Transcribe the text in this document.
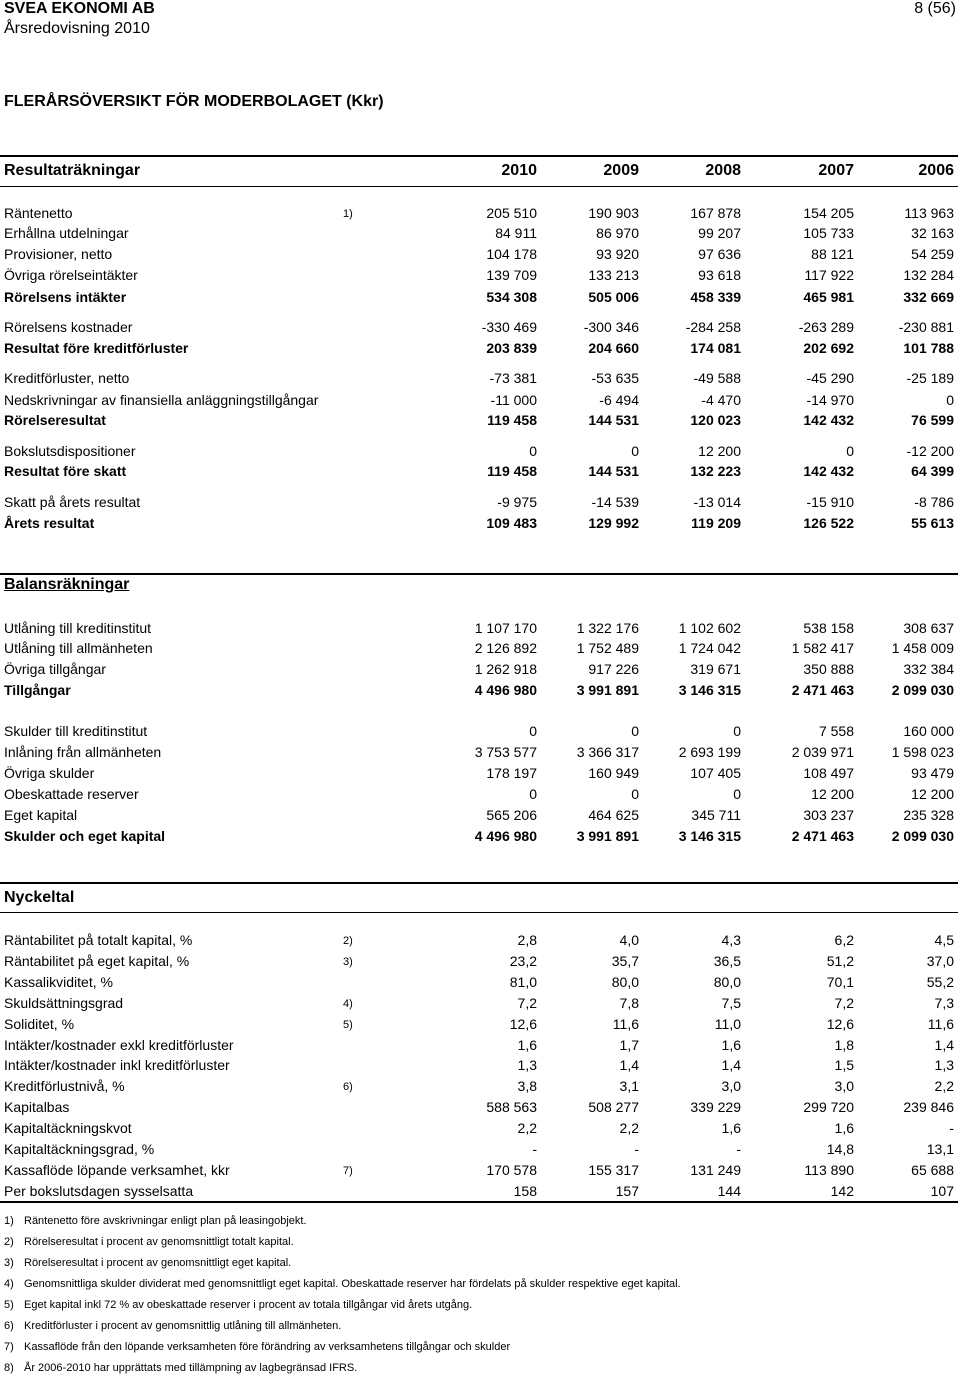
SVEA EKONOMI AB
Årsredovisning 2010
8 (56)
FLERÅRSÖVERSIKT FÖR MODERBOLAGET (Kkr)
Resultaträkningar	2010	2009	2008	2007	2006
Räntenetto	1)	205 510	190 903	167 878	154 205	113 963
Erhållna utdelningar	84 911	86 970	99 207	105 733	32 163
Provisioner, netto	104 178	93 920	97 636	88 121	54 259
Övriga rörelseintäkter	139 709	133 213	93 618	117 922	132 284
Rörelsens intäkter	534 308	505 006	458 339	465 981	332 669
Rörelsens kostnader	-330 469	-300 346	-284 258	-263 289	-230 881
Resultat före kreditförluster	203 839	204 660	174 081	202 692	101 788
Kreditförluster, netto	-73 381	-53 635	-49 588	-45 290	-25 189
Nedskrivningar av finansiella anläggningstillgångar	-11 000	-6 494	-4 470	-14 970	0
Rörelseresultat	119 458	144 531	120 023	142 432	76 599
Bokslutsdispositioner	0	0	12 200	0	-12 200
Resultat före skatt	119 458	144 531	132 223	142 432	64 399
Skatt på årets resultat	-9 975	-14 539	-13 014	-15 910	-8 786
Årets resultat	109 483	129 992	119 209	126 522	55 613
Balansräkningar
Utlåning till kreditinstitut	1 107 170	1 322 176	1 102 602	538 158	308 637
Utlåning till allmänheten	2 126 892	1 752 489	1 724 042	1 582 417	1 458 009
Övriga tillgångar	1 262 918	917 226	319 671	350 888	332 384
Tillgångar	4 496 980	3 991 891	3 146 315	2 471 463	2 099 030
Skulder till kreditinstitut	0	0	0	7 558	160 000
Inlåning från allmänheten	3 753 577	3 366 317	2 693 199	2 039 971	1 598 023
Övriga skulder	178 197	160 949	107 405	108 497	93 479
Obeskattade reserver	0	0	0	12 200	12 200
Eget kapital	565 206	464 625	345 711	303 237	235 328
Skulder och eget kapital	4 496 980	3 991 891	3 146 315	2 471 463	2 099 030
Nyckeltal
Räntabilitet på totalt kapital, %	2)	2,8	4,0	4,3	6,2	4,5
Räntabilitet på eget kapital, %	3)	23,2	35,7	36,5	51,2	37,0
Kassalikviditet, %	81,0	80,0	80,0	70,1	55,2
Skuldsättningsgrad	4)	7,2	7,8	7,5	7,2	7,3
Soliditet, %	5)	12,6	11,6	11,0	12,6	11,6
Intäkter/kostnader exkl kreditförluster	1,6	1,7	1,6	1,8	1,4
Intäkter/kostnader inkl kreditförluster	1,3	1,4	1,4	1,5	1,3
Kreditförlustnivå, %	6)	3,8	3,1	3,0	3,0	2,2
Kapitalbas	588 563	508 277	339 229	299 720	239 846
Kapitaltäckningskvot	2,2	2,2	1,6	1,6	-
Kapitaltäckningsgrad, %	-	-	-	14,8	13,1
Kassaflöde löpande verksamhet, kkr	7)	170 578	155 317	131 249	113 890	65 688
Per bokslutsdagen sysselsatta	158	157	144	142	107
1) Räntenetto före avskrivningar enligt plan på leasingobjekt.
2) Rörelseresultat i procent av genomsnittligt totalt kapital.
3) Rörelseresultat i procent av genomsnittligt eget kapital.
4) Genomsnittliga skulder dividerat med genomsnittligt eget kapital. Obeskattade reserver har fördelats på skulder respektive eget kapital.
5) Eget kapital inkl 72 % av obeskattade reserver i procent av totala tillgångar vid årets utgång.
6) Kreditförluster i procent av genomsnittlig utlåning till allmänheten.
7) Kassaflöde från den löpande verksamheten före förändring av verksamhetens tillgångar och skulder
8) År 2006-2010 har upprättats med tillämpning av lagbegränsad IFRS.
